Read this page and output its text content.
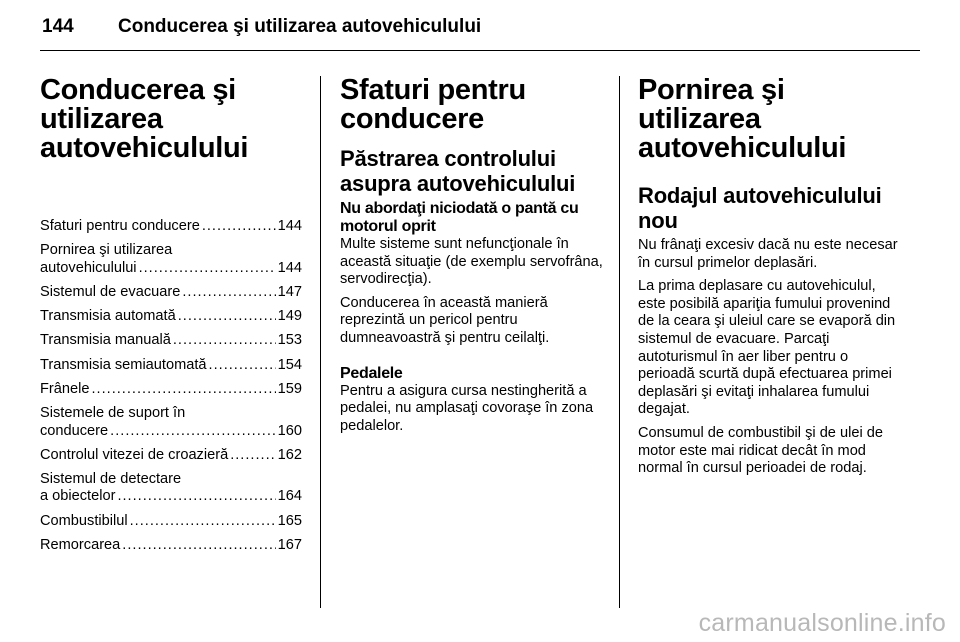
144 Conducerea şi utilizarea autovehiculului
Conducerea şi utilizarea autovehiculului
Sfaturi pentru conducere .....	144
Pornirea şi utilizarea
autovehiculului .....	144
Sistemul de evacuare .....	147
Transmisia automată .....	149
Transmisia manuală .....	153
Transmisia semiautomată .....	154
Frânele .....	159
Sistemele de suport în
conducere .....	160
Controlul vitezei de croazieră .....	162
Sistemul de detectare
a obiectelor .....	164
Combustibilul .....	165
Remorcarea .....	167
Sfaturi pentru conducere
Păstrarea controlului asupra autovehiculului
Nu abordaţi niciodată o pantă cu motorul oprit

Multe sisteme sunt nefuncţionale în această situaţie (de exemplu servofrâna, servodirecţia).

Conducerea în această manieră reprezintă un pericol pentru dumneavoastră şi pentru ceilalţi.

Pedalele

Pentru a asigura cursa nestingherită a pedalei, nu amplasaţi covoraşe în zona pedalelor.

Pornirea şi utilizarea autovehiculului
Rodajul autovehiculului nou

Nu frânaţi excesiv dacă nu este necesar în cursul primelor deplasări.

La prima deplasare cu autovehiculul, este posibilă apariţia fumului provenind de la ceara şi uleiul care se evaporă din sistemul de evacuare. Parcaţi autoturismul în aer liber pentru o perioadă scurtă după efectuarea primei deplasări şi evitaţi inhalarea fumului degajat.

Consumul de combustibil şi de ulei de motor este mai ridicat decât în mod normal în cursul perioadei de rodaj.

carmanualsonline.info
